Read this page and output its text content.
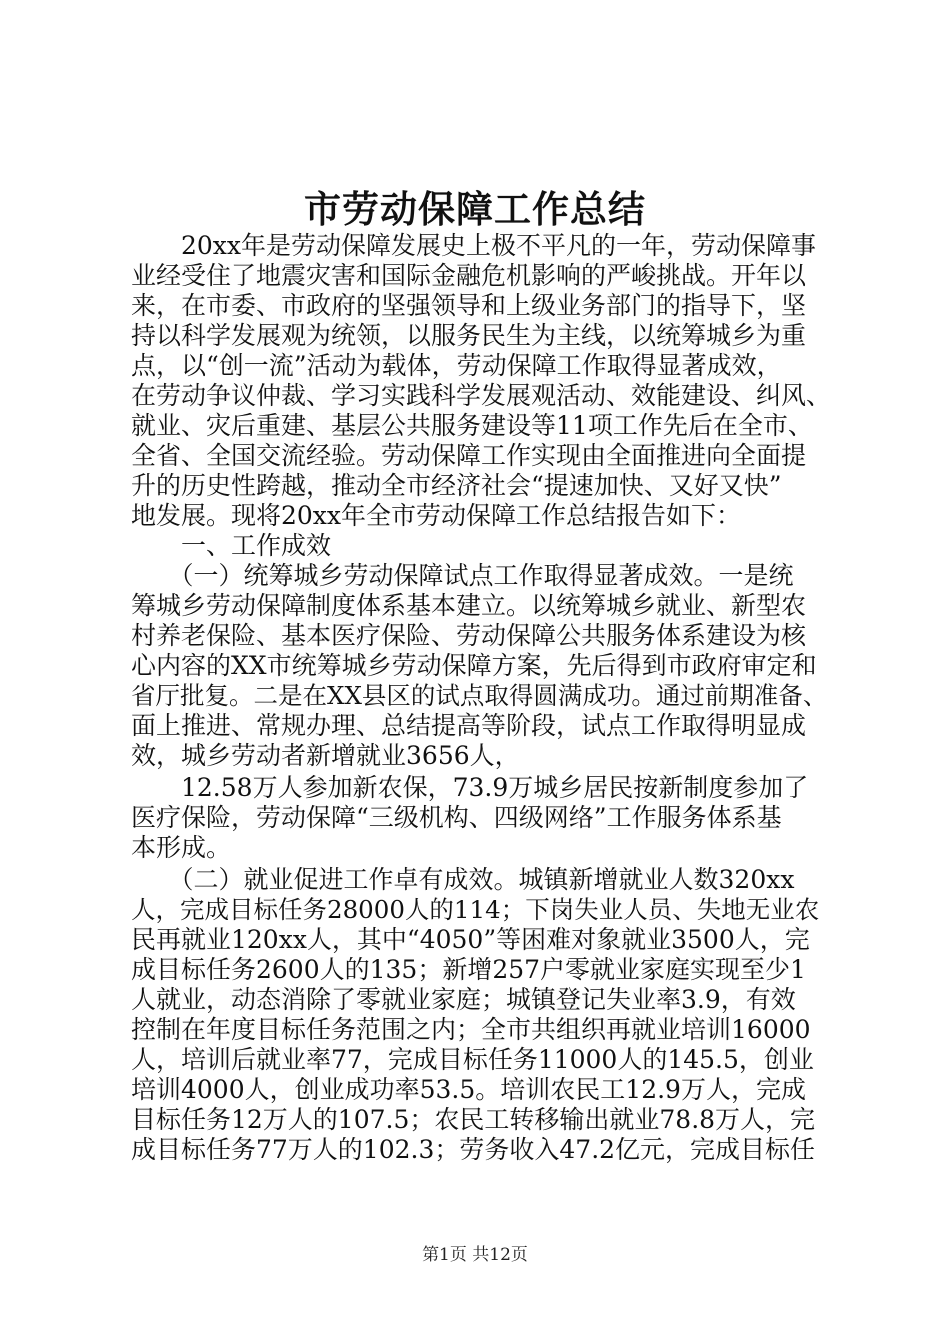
市劳动保障工作总结
　　20xx年是劳动保障发展史上极不平凡的一年，劳动保障事
业经受住了地震灾害和国际金融危机影响的严峻挑战。开年以
来，在市委、市政府的坚强领导和上级业务部门的指导下，坚
持以科学发展观为统领，以服务民生为主线，以统筹城乡为重
点，以“创一流”活动为载体，劳动保障工作取得显著成效，
在劳动争议仲裁、学习实践科学发展观活动、效能建设、纠风、
就业、灾后重建、基层公共服务建设等11项工作先后在全市、
全省、全国交流经验。劳动保障工作实现由全面推进向全面提
升的历史性跨越，推动全市经济社会“提速加快、又好又快”
地发展。现将20xx年全市劳动保障工作总结报告如下：
　　一、工作成效
　　（一）统筹城乡劳动保障试点工作取得显著成效。一是统
筹城乡劳动保障制度体系基本建立。以统筹城乡就业、新型农
村养老保险、基本医疗保险、劳动保障公共服务体系建设为核
心内容的XX市统筹城乡劳动保障方案，先后得到市政府审定和
省厅批复。二是在XX县区的试点取得圆满成功。通过前期准备、
面上推进、常规办理、总结提高等阶段，试点工作取得明显成
效，城乡劳动者新增就业3656人，
　　12.58万人参加新农保，73.9万城乡居民按新制度参加了
医疗保险，劳动保障“三级机构、四级网络”工作服务体系基
本形成。
　　（二）就业促进工作卓有成效。城镇新增就业人数320xx
人，完成目标任务28000人的114；下岗失业人员、失地无业农
民再就业120xx人，其中“4050”等困难对象就业3500人，完
成目标任务2600人的135；新增257户零就业家庭实现至少1
人就业，动态消除了零就业家庭；城镇登记失业率3.9，有效
控制在年度目标任务范围之内；全市共组织再就业培训16000
人，培训后就业率77，完成目标任务11000人的145.5，创业
培训4000人，创业成功率53.5。培训农民工12.9万人，完成
目标任务12万人的107.5；农民工转移输出就业78.8万人，完
成目标任务77万人的102.3；劳务收入47.2亿元，完成目标任
第1页 共12页
